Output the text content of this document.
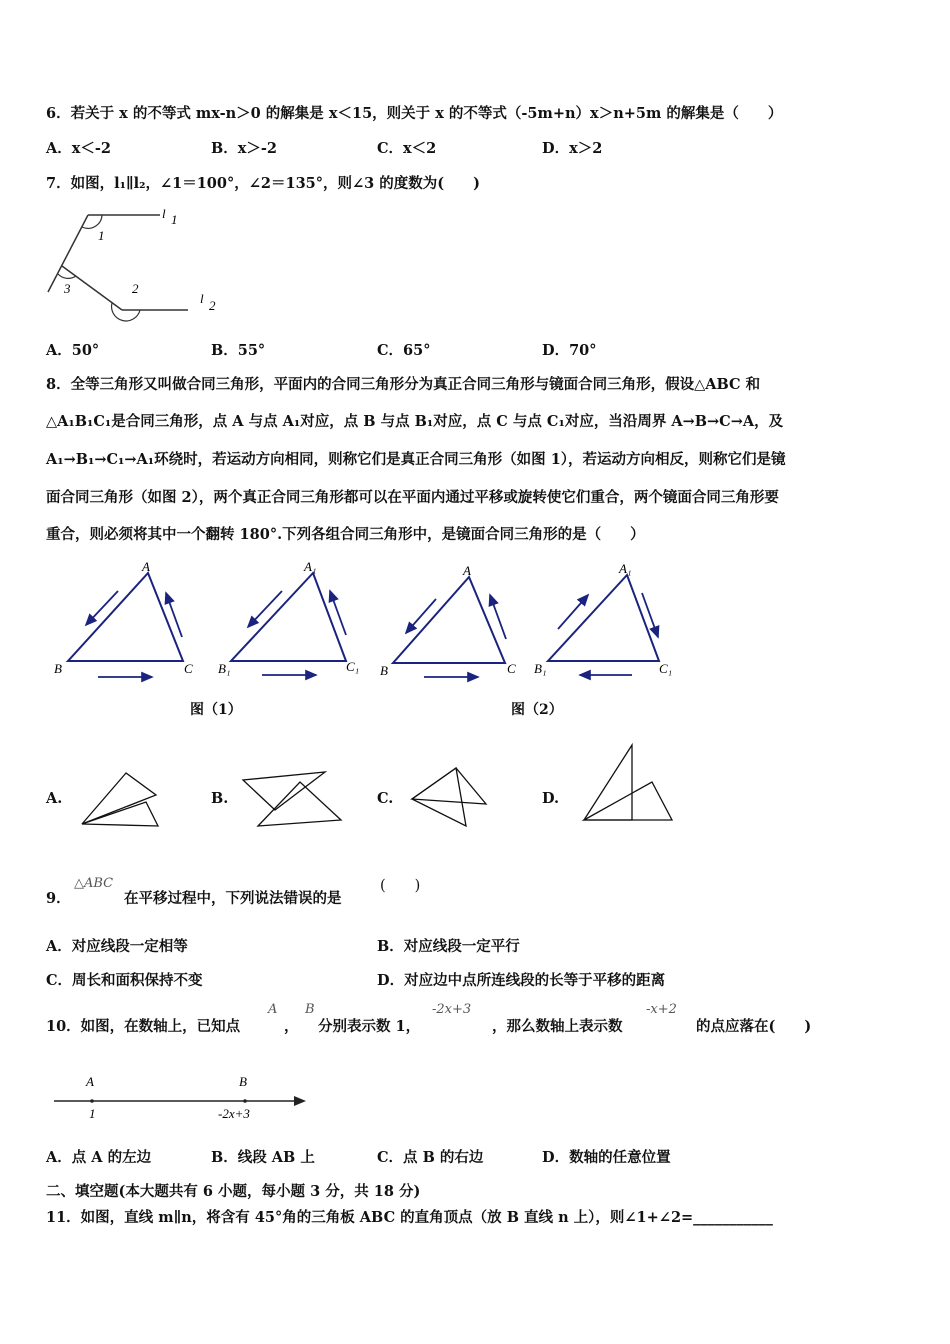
6．若关于 x 的不等式 mx-n＞0 的解集是 x＜15，则关于 x 的不等式（-5m+n）x＞n+5m 的解集是（　　）
A．x＜-2	B．x＞-2	C．x＜2	D．x＞2
7．如图，l₁∥l₂，∠1＝100°，∠2＝135°，则∠3 的度数为(　　)
l 1
l 2
1
2
3
A．50°	B．55°	C．65°	D．70°
8．全等三角形又叫做合同三角形，平面内的合同三角形分为真正合同三角形与镜面合同三角形，假设△ABC 和
△A₁B₁C₁是合同三角形，点 A 与点 A₁对应，点 B 与点 B₁对应，点 C 与点 C₁对应，当沿周界 A→B→C→A，及
A₁→B₁→C₁→A₁环绕时，若运动方向相同，则称它们是真正合同三角形（如图 1），若运动方向相反，则称它们是镜
面合同三角形（如图 2），两个真正合同三角形都可以在平面内通过平移或旋转使它们重合，两个镜面合同三角形要
重合，则必须将其中一个翻转 180°.下列各组合同三角形中，是镜面合同三角形的是（　　）
A
B	C
A₁
B₁	C₁
A
B	C
A₁
B₁	C₁
图（1）	图（2）
A.	B.	C.	D.
9．
△ABC
在平移过程中，下列说法错误的是
(　　)
A．对应线段一定相等	B．对应线段一定平行
C．周长和面积保持不变	D．对应边中点所连线段的长等于平移的距离
10．如图，在数轴上，已知点
A
，
B
分别表示数 1，
-2x+3
，那么数轴上表示数
-x+2
的点应落在(　　)
A	B
1	-2x+3
A．点 A 的左边	B．线段 AB 上	C．点 B 的右边	D．数轴的任意位置
二、填空题(本大题共有 6 小题，每小题 3 分，共 18 分)
11．如图，直线 m∥n，将含有 45°角的三角板 ABC 的直角顶点（放 B 直线 n 上），则∠1+∠2=___________
